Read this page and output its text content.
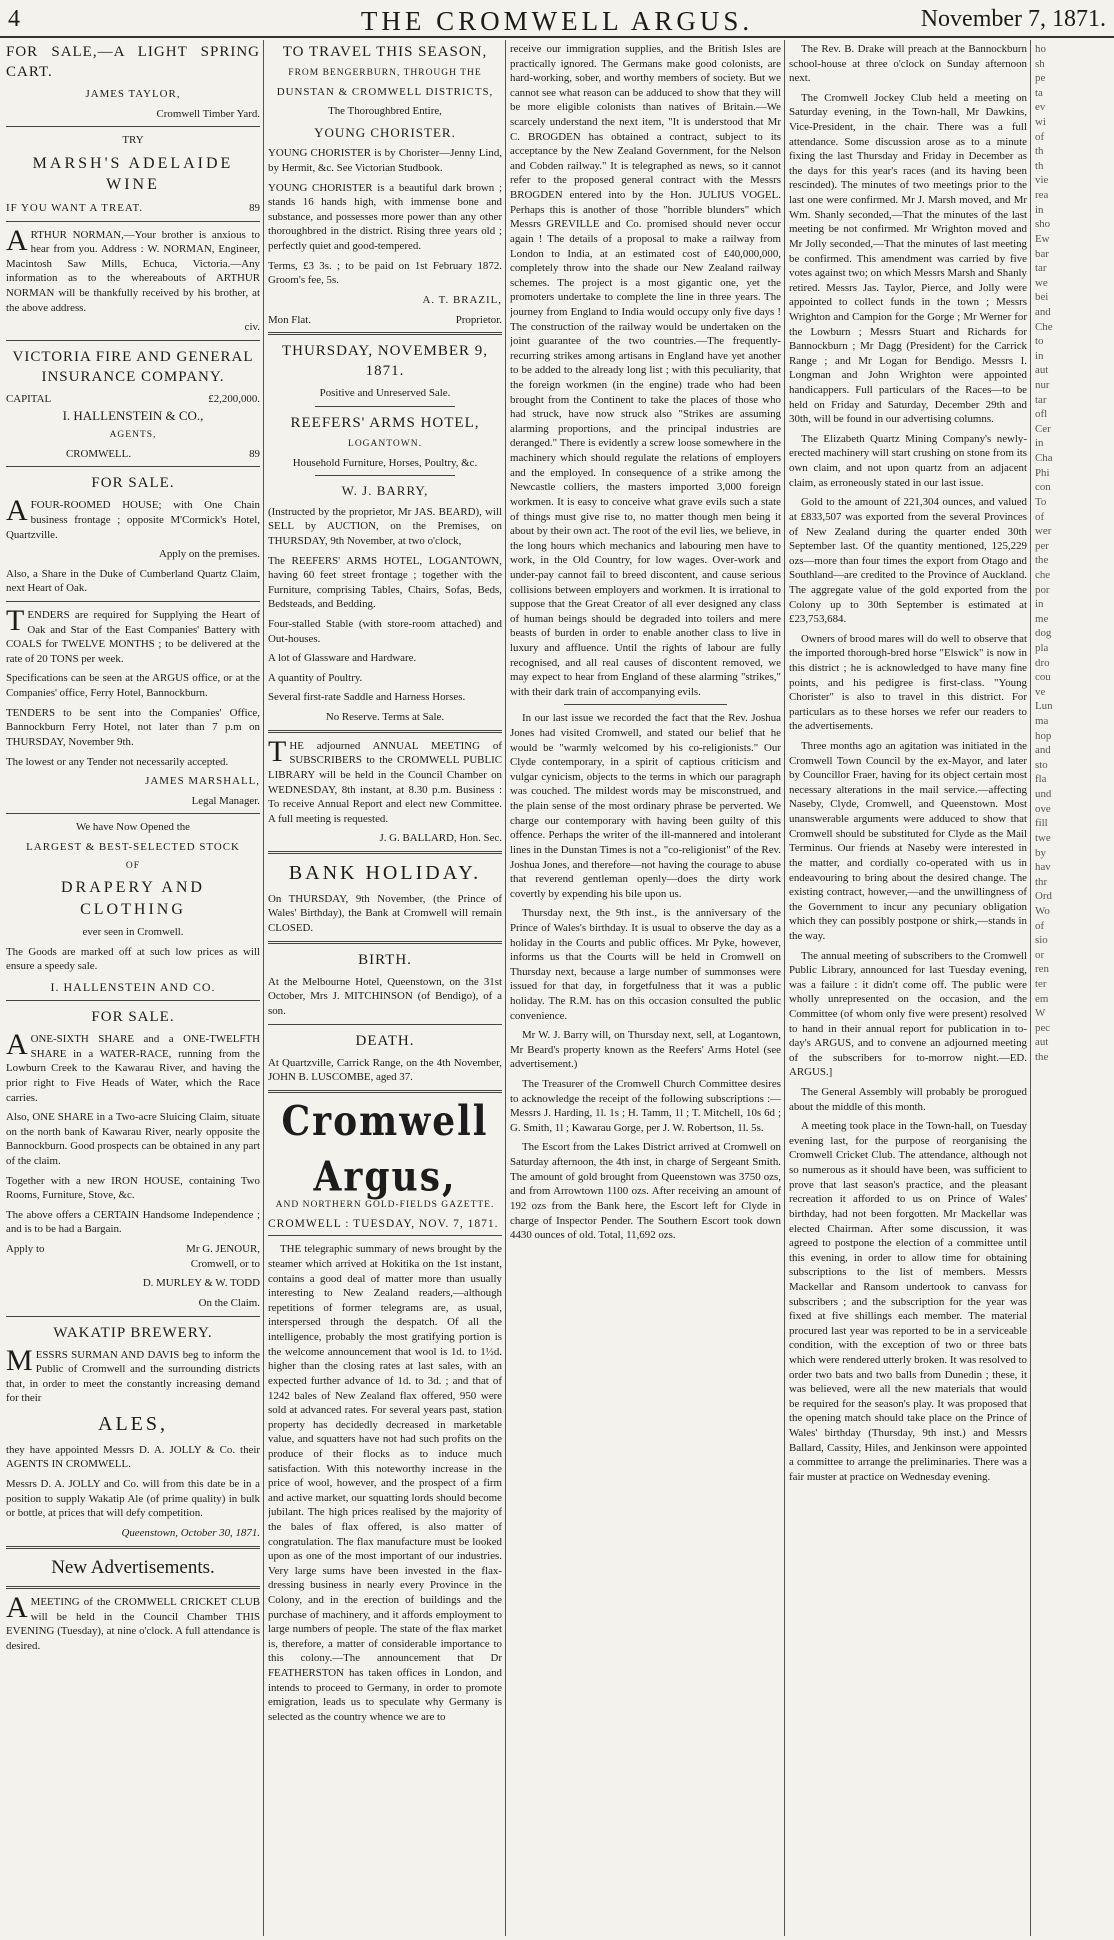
4	THE CROMWELL ARGUS.	November 7, 1871.

FOR SALE,—A LIGHT SPRING CART.

JAMES TAYLOR,

Cromwell Timber Yard.

TRY

MARSH'S ADELAIDE WINE

IF YOU WANT A TREAT.	89

ARTHUR NORMAN,—Your brother is anxious to hear from you. Address : W. NORMAN, Engineer, Macintosh Saw Mills, Echuca, Victoria.—Any information as to the whereabouts of ARTHUR NORMAN will be thankfully received by his brother, at the above address.

civ.

VICTORIA FIRE AND GENERAL INSURANCE COMPANY.

CAPITAL	£2,200,000.

I. HALLENSTEIN & CO.,

AGENTS,

CROMWELL.	89

FOR SALE.

AFOUR-ROOMED HOUSE; with One Chain business frontage ; opposite M'Cormick's Hotel, Quartzville.

Apply on the premises.

Also, a Share in the Duke of Cumberland Quartz Claim, next Heart of Oak.

TENDERS are required for Supplying the Heart of Oak and Star of the East Companies' Battery with COALS for TWELVE MONTHS ; to be delivered at the rate of 20 TONS per week.

Specifications can be seen at the ARGUS office, or at the Companies' office, Ferry Hotel, Bannockburn.

TENDERS to be sent into the Companies' Office, Bannockburn Ferry Hotel, not later than 7 p.m on THURSDAY, November 9th.

The lowest or any Tender not necessarily accepted.

JAMES MARSHALL,

Legal Manager.

We have Now Opened the

LARGEST & BEST-SELECTED STOCK

OF

DRAPERY AND CLOTHING

ever seen in Cromwell.

The Goods are marked off at such low prices as will ensure a speedy sale.

I. HALLENSTEIN AND CO.

FOR SALE.

AONE-SIXTH SHARE and a ONE-TWELFTH SHARE in a WATER-RACE, running from the Lowburn Creek to the Kawarau River, and having the prior right to Five Heads of Water, which the Race carries.

Also, ONE SHARE in a Two-acre Sluicing Claim, situate on the north bank of Kawarau River, nearly opposite the Bannockburn. Good prospects can be obtained in any part of the claim.

Together with a new IRON HOUSE, containing Two Rooms, Furniture, Stove, &c.

The above offers a CERTAIN Handsome Independence ; and is to be had a Bargain.

Apply to	Mr G. JENOUR,

Cromwell, or to

D. MURLEY & W. TODD

On the Claim.

WAKATIP BREWERY.

MESSRS SURMAN AND DAVIS beg to inform the Public of Cromwell and the surrounding districts that, in order to meet the constantly increasing demand for their

ALES,

they have appointed Messrs D. A. JOLLY & Co. their AGENTS IN CROMWELL.

Messrs D. A. JOLLY and Co. will from this date be in a position to supply Wakatip Ale (of prime quality) in bulk or bottle, at prices that will defy competition.

Queenstown, October 30, 1871.

New Advertisements.

AMEETING of the CROMWELL CRICKET CLUB will be held in the Council Chamber THIS EVENING (Tuesday), at nine o'clock. A full attendance is desired.

TO TRAVEL THIS SEASON,

FROM BENGERBURN, THROUGH THE

DUNSTAN & CROMWELL DISTRICTS,

The Thoroughbred Entire,

YOUNG CHORISTER.

YOUNG CHORISTER is by Chorister—Jenny Lind, by Hermit, &c. See Victorian Studbook.

YOUNG CHORISTER is a beautiful dark brown ; stands 16 hands high, with immense bone and substance, and possesses more power than any other thoroughbred in the district. Rising three years old ; perfectly quiet and good-tempered.

Terms, £3 3s. ; to be paid on 1st February 1872. Groom's fee, 5s.

A. T. BRAZIL,

Mon Flat.	Proprietor.

THURSDAY, NOVEMBER 9, 1871.

Positive and Unreserved Sale.

REEFERS' ARMS HOTEL,

LOGANTOWN.

Household Furniture, Horses, Poultry, &c.

W. J. BARRY,

(Instructed by the proprietor, Mr JAS. BEARD), will SELL by AUCTION, on the Premises, on THURSDAY, 9th November, at two o'clock,

The REEFERS' ARMS HOTEL, LOGANTOWN, having 60 feet street frontage ; together with the Furniture, comprising Tables, Chairs, Sofas, Beds, Bedsteads, and Bedding.

Four-stalled Stable (with store-room attached) and Out-houses.

A lot of Glassware and Hardware.

A quantity of Poultry.

Several first-rate Saddle and Harness Horses.

No Reserve. Terms at Sale.

THE adjourned ANNUAL MEETING of SUBSCRIBERS to the CROMWELL PUBLIC LIBRARY will be held in the Council Chamber on WEDNESDAY, 8th instant, at 8.30 p.m. Business : To receive Annual Report and elect new Committee. A full meeting is requested.

J. G. BALLARD, Hon. Sec.

BANK HOLIDAY.

On THURSDAY, 9th November, (the Prince of Wales' Birthday), the Bank at Cromwell will remain CLOSED.

BIRTH.

At the Melbourne Hotel, Queenstown, on the 31st October, Mrs J. MITCHINSON (of Bendigo), of a son.

DEATH.

At Quartzville, Carrick Range, on the 4th November, JOHN B. LUSCOMBE, aged 37.

Cromwell Argus,

AND NORTHERN GOLD-FIELDS GAZETTE.

CROMWELL : TUESDAY, NOV. 7, 1871.

THE telegraphic summary of news brought by the steamer which arrived at Hokitika on the 1st instant, contains a good deal of matter more than usually interesting to New Zealand readers,—although repetitions of former telegrams are, as usual, interspersed through the despatch. Of all the intelligence, probably the most gratifying portion is the welcome announcement that wool is 1d. to 1½d. higher than the closing rates at last sales, with an expected further advance of 1d. to 3d. ; and that of 1242 bales of New Zealand flax offered, 950 were sold at advanced rates. For several years past, station property has decidedly decreased in marketable value, and squatters have not had such profits on the produce of their flocks as to induce much satisfaction. With this noteworthy increase in the price of wool, however, and the prospect of a firm and active market, our squatting lords should become jubilant. The high prices realised by the majority of the bales of flax offered, is also matter of congratulation. The flax manufacture must be looked upon as one of the most important of our industries. Very large sums have been invested in the flax-dressing business in nearly every Province in the Colony, and in the erection of buildings and the purchase of machinery, and it affords employment to large numbers of people. The state of the flax market is, therefore, a matter of considerable importance to this colony.—The announcement that Dr FEATHERSTON has taken offices in London, and intends to proceed to Germany, in order to promote emigration, leads us to speculate why Germany is selected as the country whence we are to

receive our immigration supplies, and the British Isles are practically ignored. The Germans make good colonists, are hard-working, sober, and worthy members of society. But we cannot see what reason can be adduced to show that they will be more eligible colonists than natives of Britain.—We scarcely understand the next item, "It is understood that Mr C. BROGDEN has obtained a contract, subject to its acceptance by the New Zealand Government, for the Nelson and Cobden railway." It is telegraphed as news, so it cannot refer to the proposed general contract with the Messrs BROGDEN entered into by the Hon. JULIUS VOGEL. Perhaps this is another of those "horrible blunders" which Messrs GREVILLE and Co. promised should never occur again ! The details of a proposal to make a railway from London to India, at an estimated cost of £40,000,000, completely throw into the shade our New Zealand railway schemes. The project is a most gigantic one, yet the promoters undertake to complete the line in three years. The journey from England to India would occupy only five days ! The construction of the railway would be undertaken on the joint guarantee of the two countries.—The frequently-recurring strikes among artisans in England have yet another to be added to the already long list ; with this peculiarity, that the foreign workmen (in the engine) trade who had been brought from the Continent to take the places of those who had struck, have now struck also "Strikes are assuming alarming proportions, and the principal industries are deranged." There is evidently a screw loose somewhere in the machinery which should regulate the relations of employers and the employed. In consequence of a strike among the Newcastle colliers, the masters imported 3,000 foreign workmen. It is easy to conceive what grave evils such a state of things must give rise to, no matter though men being it about by their own act. The root of the evil lies, we believe, in the long hours which mechanics and labouring men have to work, in the Old Country, for low wages. Over-work and under-pay cannot fail to breed discontent, and cause serious collisions between employers and workmen. It is irrational to suppose that the Great Creator of all ever designed any class of human beings should be degraded into toilers and mere beasts of burden in order to enable another class to live in luxury and affluence. Until the rights of labour are fully recognised, and all real causes of discontent removed, we may expect to hear from England of these alarming "strikes," with their dark train of accompanying evils.

In our last issue we recorded the fact that the Rev. Joshua Jones had visited Cromwell, and stated our belief that he would be "warmly welcomed by his co-religionists." Our Clyde contemporary, in a spirit of captious criticism and vulgar cynicism, objects to the terms in which our paragraph was couched. The mildest words may be misconstrued, and the plain sense of the most ordinary phrase be perverted. We charge our contemporary with having been guilty of this offence. Perhaps the writer of the ill-mannered and intolerant lines in the Dunstan Times is not a "co-religionist" of the Rev. Joshua Jones, and therefore—not having the courage to abuse that reverend gentleman openly—does the dirty work covertly by expending his bile upon us.

Thursday next, the 9th inst., is the anniversary of the Prince of Wales's birthday. It is usual to observe the day as a holiday in the Courts and public offices. Mr Pyke, however, informs us that the Courts will be held in Cromwell on Thursday next, because a large number of summonses were issued for that day, in forgetfulness that it was a public holiday. The R.M. has on this occasion consulted the public convenience.

Mr W. J. Barry will, on Thursday next, sell, at Logantown, Mr Beard's property known as the Reefers' Arms Hotel (see advertisement.)

The Treasurer of the Cromwell Church Committee desires to acknowledge the receipt of the following subscriptions :—Messrs J. Harding, 1l. 1s ; H. Tamm, 1l ; T. Mitchell, 10s 6d ; G. Smith, 1l ; Kawarau Gorge, per J. W. Robertson, 1l. 5s.

The Escort from the Lakes District arrived at Cromwell on Saturday afternoon, the 4th inst, in charge of Sergeant Smith. The amount of gold brought from Queenstown was 3750 ozs, and from Arrowtown 1100 ozs. After receiving an amount of 192 ozs from the Bank here, the Escort left for Clyde in charge of Inspector Pender. The Southern Escort took down 4430 ounces of old. Total, 11,692 ozs.

The Rev. B. Drake will preach at the Bannockburn school-house at three o'clock on Sunday afternoon next.

The Cromwell Jockey Club held a meeting on Saturday evening, in the Town-hall, Mr Dawkins, Vice-President, in the chair. There was a full attendance. Some discussion arose as to a minute fixing the last Thursday and Friday in December as the days for this year's races (and its having been rescinded). The minutes of two meetings prior to the last one were confirmed. Mr J. Marsh moved, and Mr Wm. Shanly seconded,—That the minutes of the last meeting be not confirmed. Mr Wrighton moved and Mr Jolly seconded,—That the minutes of last meeting be confirmed. This amendment was carried by five votes against two; on which Messrs Marsh and Shanly retired. Messrs Jas. Taylor, Pierce, and Jolly were appointed to collect funds in the town ; Messrs Wrighton and Campion for the Gorge ; Mr Werner for the Lowburn ; Messrs Stuart and Richards for Bannockburn ; Mr Dagg (President) for the Carrick Range ; and Mr Logan for Bendigo. Messrs I. Longman and John Wrighton were appointed handicappers. Full particulars of the Races—to be held on Friday and Saturday, December 29th and 30th, will be found in our advertising columns.

The Elizabeth Quartz Mining Company's newly-erected machinery will start crushing on stone from its own claim, and not upon quartz from an adjacent claim, as erroneously stated in our last issue.

Gold to the amount of 221,304 ounces, and valued at £833,507 was exported from the several Provinces of New Zealand during the quarter ended 30th September last. Of the quantity mentioned, 125,229 ozs—more than four times the export from Otago and Southland—are credited to the Province of Auckland. The aggregate value of the gold exported from the Colony up to 30th September is estimated at £23,753,684.

Owners of brood mares will do well to observe that the imported thorough-bred horse "Elswick" is now in this district ; he is acknowledged to have many fine points, and his pedigree is first-class. "Young Chorister" is also to travel in this district. For particulars as to these horses we refer our readers to the advertisements.

Three months ago an agitation was initiated in the Cromwell Town Council by the ex-Mayor, and later by Councillor Fraer, having for its object certain most necessary alterations in the mail service.—affecting Naseby, Clyde, Cromwell, and Queenstown. Most unanswerable arguments were adduced to show that Cromwell should be substituted for Clyde as the Mail Terminus. Our friends at Naseby were interested in the matter, and cordially co-operated with us in endeavouring to bring about the desired change. The existing contract, however,—and the unwillingness of the Government to incur any pecuniary obligation which they can possibly postpone or shirk,—stands in the way.

The annual meeting of subscribers to the Cromwell Public Library, announced for last Tuesday evening, was a failure : it didn't come off. The public were wholly unrepresented on the occasion, and the Committee (of whom only five were present) resolved to hand in their annual report for publication in to-day's ARGUS, and to convene an adjourned meeting of the subscribers for to-morrow night.—ED. ARGUS.]

The General Assembly will probably be prorogued about the middle of this month.

A meeting took place in the Town-hall, on Tuesday evening last, for the purpose of reorganising the Cromwell Cricket Club. The attendance, although not so numerous as it should have been, was sufficient to prove that last season's practice, and the pleasant recreation it afforded to us on Prince of Wales' birthday, had not been forgotten. Mr Mackellar was elected Chairman. After some discussion, it was agreed to postpone the election of a committee until this evening, in order to allow time for obtaining subscriptions to the list of members. Messrs Mackellar and Ransom undertook to canvass for subscribers ; and the subscription for the year was fixed at five shillings each member. The material procured last year was reported to be in a serviceable condition, with the exception of two or three bats which were rendered utterly broken. It was resolved to order two bats and two balls from Dunedin ; these, it was believed, were all the new materials that would be required for the season's play. It was proposed that the opening match should take place on the Prince of Wales' birthday (Thursday, 9th inst.) and Messrs Ballard, Cassity, Hiles, and Jenkinson were appointed a committee to arrange the preliminaries. There was a fair muster at practice on Wednesday evening.

ho
sh
pe
ta
ev
wi
of
th
th
vie
rea
in
sho
Ew
bar
tar
we
bei
and
Che
to
in
aut
nur
tar
ofl
Cer
in
Cha
Phi
con
To
of
wer
per
the
che
por
in
me
dog
pla
dro
cou
ve
Lun
ma
hop
and
sto
fla
und
ove
fill
twe
by
hav
thr
Ord
Wo
of
sio
or
ren
ter
em
W
pec
aut
the
